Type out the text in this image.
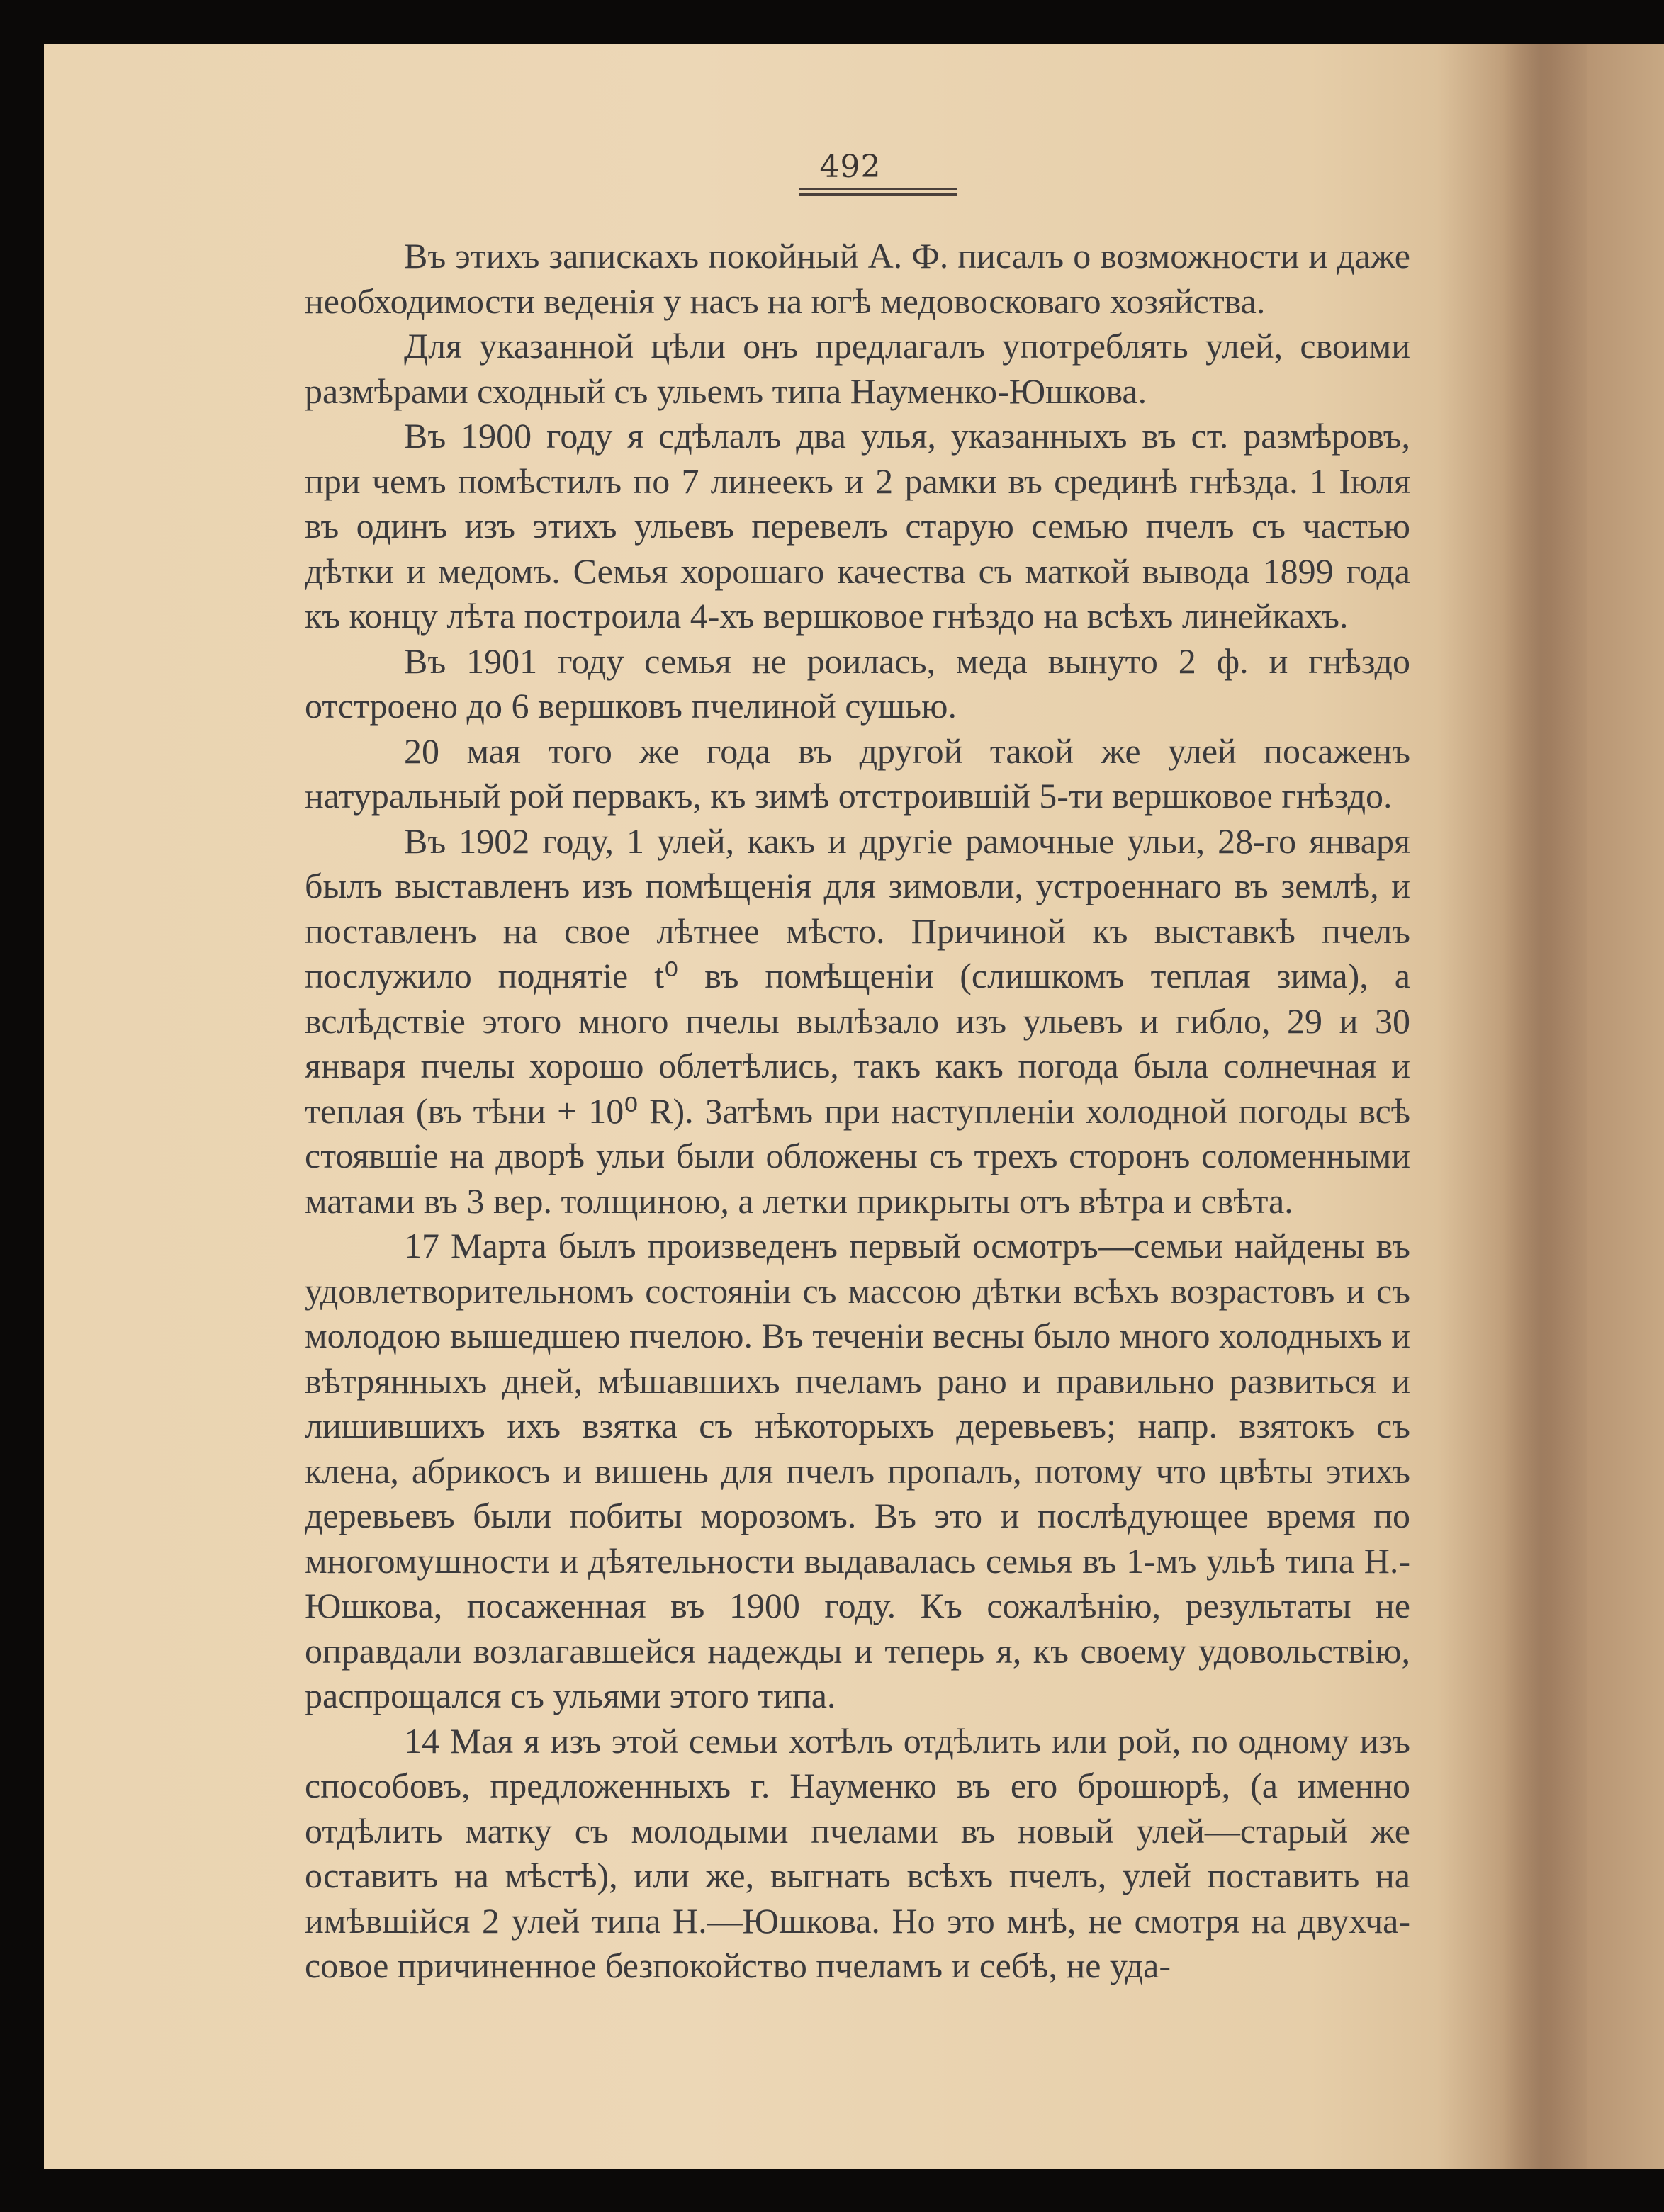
492

Въ этихъ запискахъ покойный А. Ф. писалъ о возможности и даже необходимости веденія у насъ на югѣ медовосковаго хозяйства.

Для указанной цѣли онъ предлагалъ употреблять улей, своими размѣрами сходный съ ульемъ типа Науменко-Юшкова.

Въ 1900 году я сдѣлалъ два улья, указанныхъ въ ст. размѣровъ, при чемъ помѣстилъ по 7 линеекъ и 2 рамки въ срединѣ гнѣзда. 1 Іюля въ одинъ изъ этихъ ульевъ перевелъ старую семью пчелъ съ частью дѣтки и медомъ. Семья хорошаго качества съ маткой вывода 1899 года къ концу лѣта построила 4-хъ вершковое гнѣздо на всѣхъ линейкахъ.

Въ 1901 году семья не роилась, меда вынуто 2 ф. и гнѣздо отстроено до 6 вершковъ пчелиной сушью.

20 мая того же года въ другой такой же улей посаженъ натуральный рой первакъ, къ зимѣ отстроившій 5-ти вершковое гнѣздо.

Въ 1902 году, 1 улей, какъ и другіе рамочные ульи, 28-го января былъ выставленъ изъ помѣщенія для зимовли, устроеннаго въ землѣ, и поставленъ на свое лѣтнее мѣсто. Причиной къ выставкѣ пчелъ послужило поднятіе t⁰ въ помѣщеніи (слишкомъ теплая зима), а вслѣдствіе этого много пчелы вылѣзало изъ ульевъ и гибло, 29 и 30 января пчелы хорошо облетѣлись, такъ какъ погода была солнечная и теплая (въ тѣни + 10⁰ R). Затѣмъ при наступленіи холодной погоды всѣ стоявшіе на дворѣ ульи были обложены съ трехъ сторонъ соломенными матами въ 3 вер. толщиною, а летки прикрыты отъ вѣтра и свѣта.

17 Марта былъ произведенъ первый осмотръ—семьи найдены въ удовлетворительномъ состояніи съ массою дѣтки всѣхъ возрастовъ и съ молодою вышедшею пчелою. Въ теченіи весны было много холодныхъ и вѣтрянныхъ дней, мѣшавшихъ пчеламъ рано и правильно развиться и лишившихъ ихъ взятка съ нѣкоторыхъ деревьевъ; напр. взятокъ съ клена, абрикосъ и вишень для пчелъ пропалъ, потому что цвѣты этихъ деревьевъ были побиты морозомъ. Въ это и послѣдующее время по многомушности и дѣятельности выдавалась семья въ 1-мъ ульѣ типа Н.-Юшкова, посаженная въ 1900 году. Къ сожалѣнію, результаты не оправдали возлагавшейся надежды и теперь я, къ своему удовольствію, распрощался съ ульями этого типа.

14 Мая я изъ этой семьи хотѣлъ отдѣлить или рой, по одному изъ способовъ, предложенныхъ г. Науменко въ его брошюрѣ, (а именно отдѣлить матку съ молодыми пчелами въ новый улей—старый же оставить на мѣстѣ), или же, выгнать всѣхъ пчелъ, улей поставить на имѣвшійся 2 улей типа Н.—Юшкова. Но это мнѣ, не смотря на двухчасовое причиненное безпокойство пчеламъ и себѣ, не уда-
